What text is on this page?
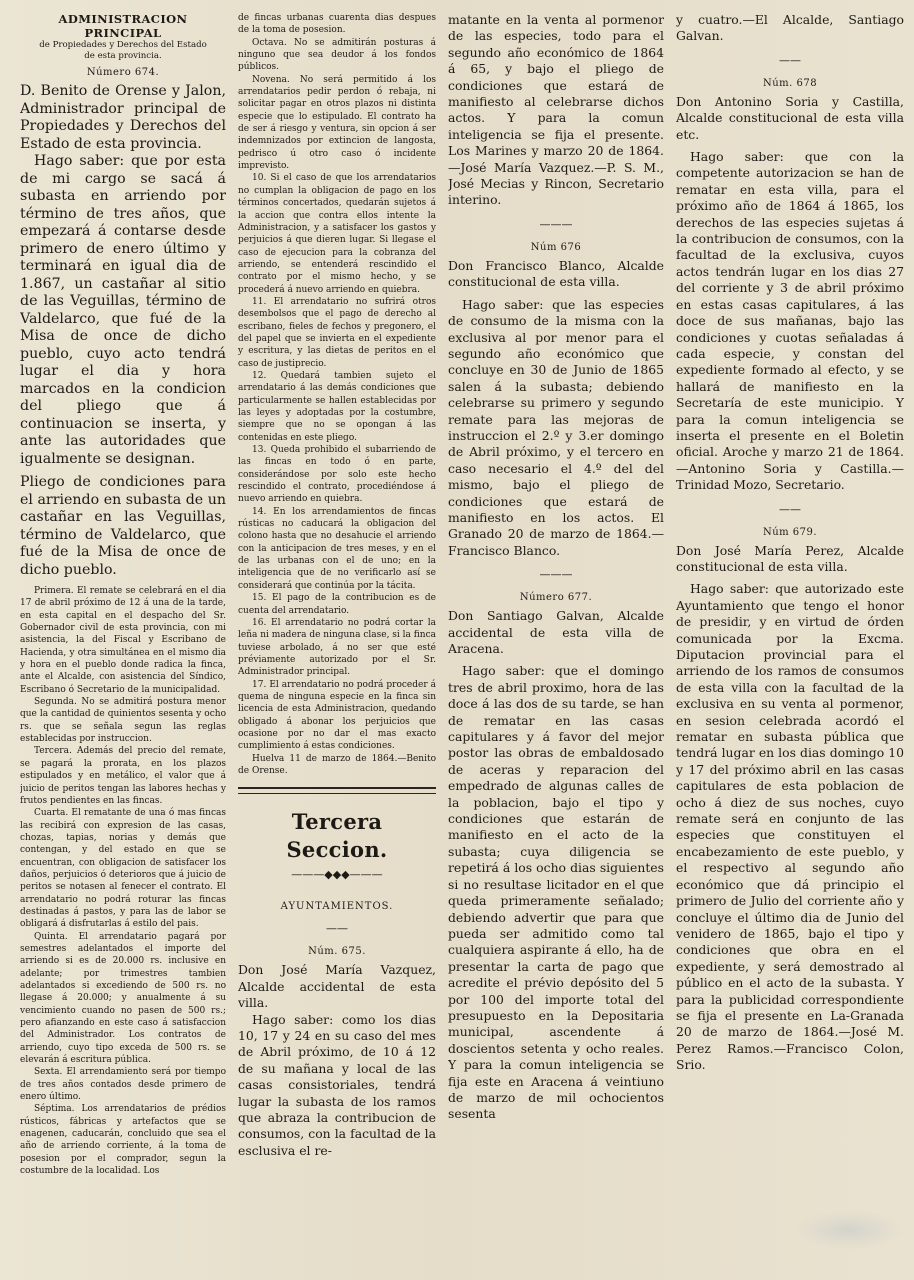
ADMINISTRACION PRINCIPAL

de Propiedades y Derechos del Estado

de esta provincia.

Número 674.

D. Benito de Orense y Jalon, Administrador principal de Propiedades y Derechos del Estado de esta provincia.

Hago saber: que por esta de mi cargo se sacá á subasta en arriendo por término de tres años, que empezará á contarse desde primero de enero último y terminará en igual dia de 1.867, un castañar al sitio de las Veguillas, término de Valdelarco, que fué de la Misa de once de dicho pueblo, cuyo acto tendrá lugar el dia y hora marcados en la condicion del pliego que á continuacion se inserta, y ante las autoridades que igualmente se designan.

Pliego de condiciones para el arriendo en subasta de un castañar en las Veguillas, término de Valdelarco, que fué de la Misa de once de dicho pueblo.

Primera. El remate se celebrará en el dia 17 de abril próximo de 12 á una de la tarde, en esta capital en el despacho del Sr. Gobernador civil de esta provincia, con mi asistencia, la del Fiscal y Escribano de Hacienda, y otra simultánea en el mismo dia y hora en el pueblo donde radica la finca, ante el Alcalde, con asistencia del Síndico, Escribano ó Secretario de la municipalidad.

Segunda. No se admitirá postura menor que la cantidad de quinientos sesenta y ocho rs. que se señala segun las reglas establecidas por instruccion.

Tercera. Además del precio del remate, se pagará la prorata, en los plazos estipulados y en metálico, el valor que á juicio de peritos tengan las labores hechas y frutos pendientes en las fincas.

Cuarta. El rematante de una ó mas fincas las recibirá con expresion de las casas, chozas, tapias, norias y demás que contengan, y del estado en que se encuentran, con obligacion de satisfacer los daños, perjuicios ó deterioros que á juicio de peritos se notasen al fenecer el contrato. El arrendatario no podrá roturar las fincas destinadas á pastos, y para las de labor se obligará á disfrutarlas á estilo del pais.

Quinta. El arrendatario pagará por semestres adelantados el importe del arriendo si es de 20.000 rs. inclusive en adelante; por trimestres tambien adelantados si excediendo de 500 rs. no llegase á 20.000; y anualmente á su vencimiento cuando no pasen de 500 rs.; pero afianzando en este caso á satisfaccion del Administrador. Los contratos de arriendo, cuyo tipo exceda de 500 rs. se elevarán á escritura pública.

Sexta. El arrendamiento será por tiempo de tres años contados desde primero de enero último.

Séptima. Los arrendatarios de prédios rústicos, fábricas y artefactos que se enagenen, caducarán, concluido que sea el año de arriendo corriente, á la toma de posesion por el comprador, segun la costumbre de la localidad. Los

de fincas urbanas cuarenta dias despues de la toma de posesion.

Octava. No se admitirán posturas á ninguno que sea deudor á los fondos públicos.

Novena. No será permitido á los arrendatarios pedir perdon ó rebaja, ni solicitar pagar en otros plazos ni distinta especie que lo estipulado. El contrato ha de ser á riesgo y ventura, sin opcion á ser indemnizados por extincion de langosta, pedrisco ú otro caso ó incidente imprevisto.

10. Si el caso de que los arrendatarios no cumplan la obligacion de pago en los términos concertados, quedarán sujetos á la accion que contra ellos intente la Administracion, y a satisfacer los gastos y perjuicios á que dieren lugar. Si llegase el caso de ejecucion para la cobranza del arriendo, se entenderá rescindido el contrato por el mismo hecho, y se procederá á nuevo arriendo en quiebra.

11. El arrendatario no sufrirá otros desembolsos que el pago de derecho al escribano, fieles de fechos y pregonero, el del papel que se invierta en el expediente y escritura, y las dietas de peritos en el caso de justiprecio.

12. Quedará tambien sujeto el arrendatario á las demás condiciones que particularmente se hallen establecidas por las leyes y adoptadas por la costumbre, siempre que no se opongan á las contenidas en este pliego.

13. Queda prohibido el subarriendo de las fincas en todo ó en parte, considerándose por solo este hecho rescindido el contrato, procediéndose á nuevo arriendo en quiebra.

14. En los arrendamientos de fincas rústicas no caducará la obligacion del colono hasta que no desahucie el arriendo con la anticipacion de tres meses, y en el de las urbanas con el de uno; en la inteligencia que de no verificarlo así se considerará que continúa por la tácita.

15. El pago de la contribucion es de cuenta del arrendatario.

16. El arrendatario no podrá cortar la leña ni madera de ninguna clase, si la finca tuviese arbolado, á no ser que esté préviamente autorizado por el Sr. Administrador principal.

17. El arrendatario no podrá proceder á quema de ninguna especie en la finca sin licencia de esta Administracion, quedando obligado á abonar los perjuicios que ocasione por no dar el mas exacto cumplimiento á estas condiciones.

Huelva 11 de marzo de 1864.—Benito de Orense.

Tercera Seccion.

———◆◆◆———

AYUNTAMIENTOS.

——

Núm. 675.

Don José María Vazquez, Alcalde accidental de esta villa.

Hago saber: como los dias 10, 17 y 24 en su caso del mes de Abril próximo, de 10 á 12 de su mañana y local de las casas consistoriales, tendrá lugar la subasta de los ramos que abraza la contribucion de consumos, con la facultad de la esclusiva el re-

matante en la venta al pormenor de las especies, todo para el segundo año económico de 1864 á 65, y bajo el pliego de condiciones que estará de manifiesto al celebrarse dichos actos. Y para la comun inteligencia se fija el presente. Los Marines y marzo 20 de 1864.—José María Vazquez.—P. S. M., José Mecias y Rincon, Secretario interino.

———

Núm 676

Don Francisco Blanco, Alcalde constitucional de esta villa.

Hago saber: que las especies de consumo de la misma con la exclusiva al por menor para el segundo año económico que concluye en 30 de Junio de 1865 salen á la subasta; debiendo celebrarse su primero y segundo remate para las mejoras de instruccion el 2.º y 3.er domingo de Abril próximo, y el tercero en caso necesario el 4.º del del mismo, bajo el pliego de condiciones que estará de manifiesto en los actos. El Granado 20 de marzo de 1864.—Francisco Blanco.

———

Número 677.

Don Santiago Galvan, Alcalde accidental de esta villa de Aracena.

Hago saber: que el domingo tres de abril proximo, hora de las doce á las dos de su tarde, se han de rematar en las casas capitulares y á favor del mejor postor las obras de embaldosado de aceras y reparacion del empedrado de algunas calles de la poblacion, bajo el tipo y condiciones que estarán de manifiesto en el acto de la subasta; cuya diligencia se repetirá á los ocho dias siguientes si no resultase licitador en el que queda primeramente señalado; debiendo advertir que para que pueda ser admitido como tal cualquiera aspirante á ello, ha de presentar la carta de pago que acredite el prévio depósito del 5 por 100 del importe total del presupuesto en la Depositaria municipal, ascendente á doscientos setenta y ocho reales. Y para la comun inteligencia se fija este en Aracena á veintiuno de marzo de mil ochocientos sesenta

y cuatro.—El Alcalde, Santiago Galvan.

——

Núm. 678

Don Antonino Soria y Castilla, Alcalde constitucional de esta villa etc.

Hago saber: que con la competente autorizacion se han de rematar en esta villa, para el próximo año de 1864 á 1865, los derechos de las especies sujetas á la contribucion de consumos, con la facultad de la exclusiva, cuyos actos tendrán lugar en los dias 27 del corriente y 3 de abril próximo en estas casas capitulares, á las doce de sus mañanas, bajo las condiciones y cuotas señaladas á cada especie, y constan del expediente formado al efecto, y se hallará de manifiesto en la Secretaría de este municipio. Y para la comun inteligencia se inserta el presente en el Boletin oficial. Aroche y marzo 21 de 1864.—Antonino Soria y Castilla.—Trinidad Mozo, Secretario.

——

Núm 679.

Don José María Perez, Alcalde constitucional de esta villa.

Hago saber: que autorizado este Ayuntamiento que tengo el honor de presidir, y en virtud de órden comunicada por la Excma. Diputacion provincial para el arriendo de los ramos de consumos de esta villa con la facultad de la exclusiva en su venta al pormenor, en sesion celebrada acordó el rematar en subasta pública que tendrá lugar en los dias domingo 10 y 17 del próximo abril en las casas capitulares de esta poblacion de ocho á diez de sus noches, cuyo remate será en conjunto de las especies que constituyen el encabezamiento de este pueblo, y el respectivo al segundo año económico que dá principio el primero de Julio del corriente año y concluye el último dia de Junio del venidero de 1865, bajo el tipo y condiciones que obra en el expediente, y será demostrado al público en el acto de la subasta. Y para la publicidad correspondiente se fija el presente en La-Granada 20 de marzo de 1864.—José M. Perez Ramos.—Francisco Colon, Srio.
